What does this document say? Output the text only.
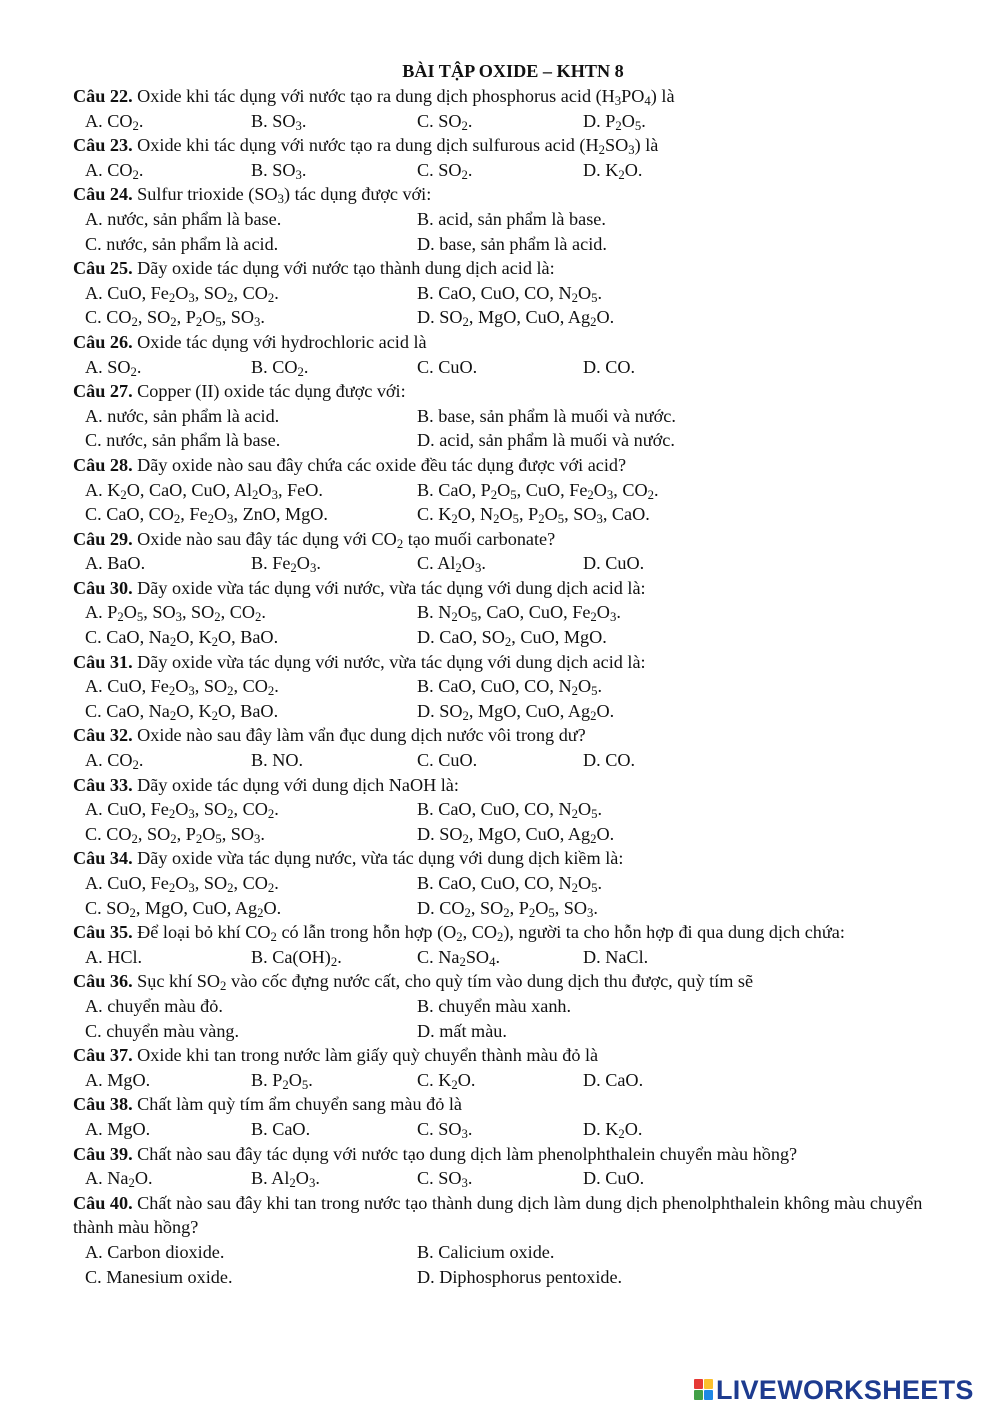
BÀI TẬP OXIDE – KHTN 8
Câu 22. Oxide khi tác dụng với nước tạo ra dung dịch phosphorus acid $(H_3PO_4)$ là
A. $CO_2$.	B. $SO_3$.	C. $SO_2$.	D. $P_2O_5$.
Câu 23. Oxide khi tác dụng với nước tạo ra dung dịch sulfurous acid $(H_2SO_3)$ là
A. $CO_2$.	B. $SO_3$.	C. $SO_2$.	D. $K_2O$.
Câu 24. Sulfur trioxide $(SO_3)$ tác dụng được với:
A. nước, sản phẩm là base.	B. acid, sản phẩm là base.
C. nước, sản phẩm là acid.	D. base, sản phẩm là acid.
Câu 25. Dãy oxide tác dụng với nước tạo thành dung dịch acid là:
A. CuO, $Fe_2O_3$, $SO_2$, $CO_2$.	B. CaO, CuO, CO, $N_2O_5$.
C. $CO_2$, $SO_2$, $P_2O_5$, $SO_3$.	D. $SO_2$, MgO, CuO, $Ag_2O$.
Câu 26. Oxide tác dụng với hydrochloric acid là
A. $SO_2$.	B. $CO_2$.	C. CuO.	D. CO.
Câu 27. Copper (II) oxide tác dụng được với:
A. nước, sản phẩm là acid.	B. base, sản phẩm là muối và nước.
C. nước, sản phẩm là base.	D. acid, sản phẩm là muối và nước.
Câu 28. Dãy oxide nào sau đây chứa các oxide đều tác dụng được với acid?
A. $K_2O$, CaO, CuO, $Al_2O_3$, FeO.	B. CaO, $P_2O_5$, CuO, $Fe_2O_3$, $CO_2$.
C. CaO, $CO_2$, $Fe_2O_3$, ZnO, MgO.	C. $K_2O$, $N_2O_5$, $P_2O_5$, $SO_3$, CaO.
Câu 29. Oxide nào sau đây tác dụng với $CO_2$ tạo muối carbonate?
A. BaO.	B. $Fe_2O_3$.	C. $Al_2O_3$.	D. CuO.
Câu 30. Dãy oxide vừa tác dụng với nước, vừa tác dụng với dung dịch acid là:
A. $P_2O_5$, $SO_3$, $SO_2$, $CO_2$.	B. $N_2O_5$, CaO, CuO, $Fe_2O_3$.
C. CaO, $Na_2O$, $K_2O$, BaO.	D. CaO, $SO_2$, CuO, MgO.
Câu 31. Dãy oxide vừa tác dụng với nước, vừa tác dụng với dung dịch acid là:
A. CuO, $Fe_2O_3$, $SO_2$, $CO_2$.	B. CaO, CuO, CO, $N_2O_5$.
C. CaO, $Na_2O$, $K_2O$, BaO.	D. $SO_2$, MgO, CuO, $Ag_2O$.
Câu 32. Oxide nào sau đây làm vẩn đục dung dịch nước vôi trong dư?
A. $CO_2$.	B. NO.	C. CuO.	D. CO.
Câu 33. Dãy oxide tác dụng với dung dịch NaOH là:
A. CuO, $Fe_2O_3$, $SO_2$, $CO_2$.	B. CaO, CuO, CO, $N_2O_5$.
C. $CO_2$, $SO_2$, $P_2O_5$, $SO_3$.	D. $SO_2$, MgO, CuO, $Ag_2O$.
Câu 34. Dãy oxide vừa tác dụng nước, vừa tác dụng với dung dịch kiềm là:
A. CuO, $Fe_2O_3$, $SO_2$, $CO_2$.	B. CaO, CuO, CO, $N_2O_5$.
C. $SO_2$, MgO, CuO, $Ag_2O$.	D. $CO_2$, $SO_2$, $P_2O_5$, $SO_3$.
Câu 35. Để loại bỏ khí $CO_2$ có lẫn trong hỗn hợp ($O_2$, $CO_2$), người ta cho hỗn hợp đi qua dung dịch chứa:
A. HCl.	B. $Ca(OH)_2$.	C. $Na_2SO_4$.	D. NaCl.
Câu 36. Sục khí $SO_2$ vào cốc đựng nước cất, cho quỳ tím vào dung dịch thu được, quỳ tím sẽ
A. chuyển màu đỏ.	B. chuyển màu xanh.
C. chuyển màu vàng.	D. mất màu.
Câu 37. Oxide khi tan trong nước làm giấy quỳ chuyển thành màu đỏ là
A. MgO.	B. $P_2O_5$.	C. $K_2O$.	D. CaO.
Câu 38. Chất làm quỳ tím ẩm chuyển sang màu đỏ là
A. MgO.	B. CaO.	C. $SO_3$.	D. $K_2O$.
Câu 39. Chất nào sau đây tác dụng với nước tạo dung dịch làm phenolphthalein chuyển màu hồng?
A. $Na_2O$.	B. $Al_2O_3$.	C. $SO_3$.	D. CuO.
Câu 40. Chất nào sau đây khi tan trong nước tạo thành dung dịch làm dung dịch phenolphthalein không màu chuyển thành màu hồng?
A. Carbon dioxide.	B. Calicium oxide.
C. Manesium oxide.	D. Diphosphorus pentoxide.
LIVEWORKSHEETS
